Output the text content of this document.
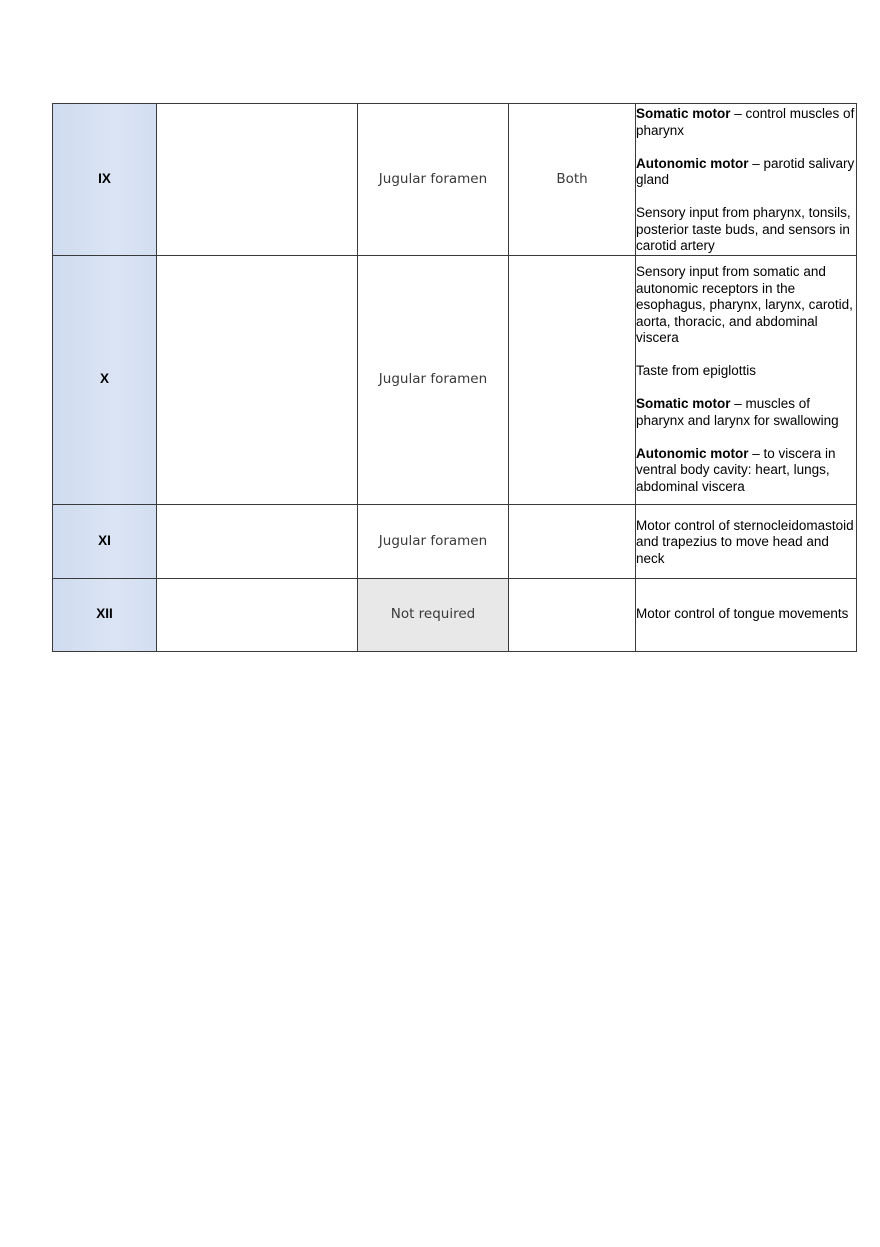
IX		Jugular foramen	Both	Somatic motor – control muscles of pharynx

Autonomic motor – parotid salivary gland

Sensory input from pharynx, tonsils, posterior taste buds, and sensors in carotid artery

X		Jugular foramen		Sensory input from somatic and autonomic receptors in the esophagus, pharynx, larynx, carotid, aorta, thoracic, and abdominal viscera

Taste from epiglottis

Somatic motor – muscles of pharynx and larynx for swallowing

Autonomic motor – to viscera in ventral body cavity: heart, lungs, abdominal viscera

XI		Jugular foramen		Motor control of sternocleidomastoid and trapezius to move head and neck

XII		Not required		Motor control of tongue movements
